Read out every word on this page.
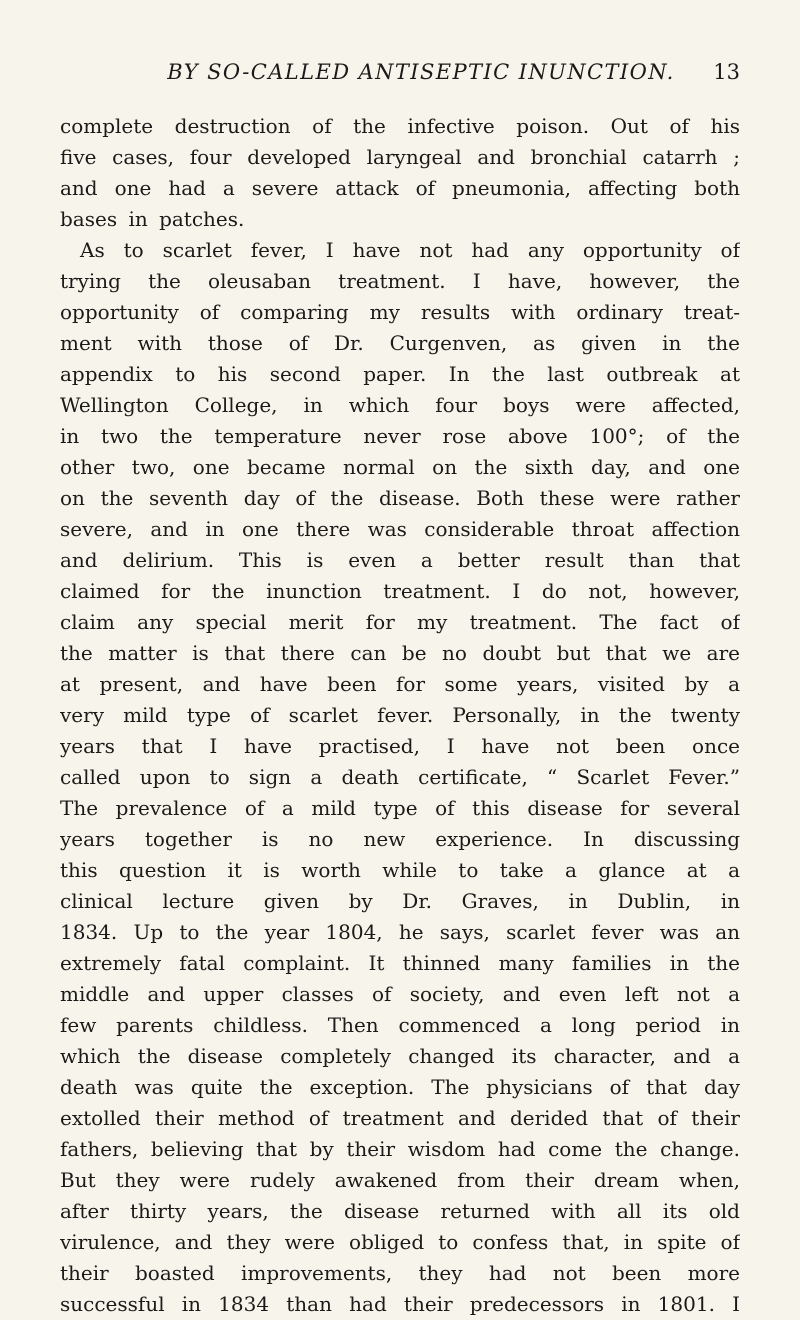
BY SO-CALLED ANTISEPTIC INUNCTION.	13
complete destruction of the infective poison. Out of his
five cases, four developed laryngeal and bronchial catarrh ;
and one had a severe attack of pneumonia, affecting both
bases in patches.
As to scarlet fever, I have not had any opportunity of
trying the oleusaban treatment. I have, however, the
opportunity of comparing my results with ordinary treat-
ment with those of Dr. Curgenven, as given in the
appendix to his second paper. In the last outbreak at
Wellington College, in which four boys were affected,
in two the temperature never rose above 100°; of the
other two, one became normal on the sixth day, and one
on the seventh day of the disease. Both these were rather
severe, and in one there was considerable throat affection
and delirium. This is even a better result than that
claimed for the inunction treatment. I do not, however,
claim any special merit for my treatment. The fact of
the matter is that there can be no doubt but that we are
at present, and have been for some years, visited by a
very mild type of scarlet fever. Personally, in the twenty
years that I have practised, I have not been once
called upon to sign a death certificate, “ Scarlet Fever.”
The prevalence of a mild type of this disease for several
years together is no new experience. In discussing
this question it is worth while to take a glance at a
clinical lecture given by Dr. Graves, in Dublin, in
1834. Up to the year 1804, he says, scarlet fever was an
extremely fatal complaint. It thinned many families in the
middle and upper classes of society, and even left not a
few parents childless. Then commenced a long period in
which the disease completely changed its character, and a
death was quite the exception. The physicians of that day
extolled their method of treatment and derided that of their
fathers, believing that by their wisdom had come the change.
But they were rudely awakened from their dream when,
after thirty years, the disease returned with all its old
virulence, and they were obliged to confess that, in spite of
their boasted improvements, they had not been more
successful in 1834 than had their predecessors in 1801. I
